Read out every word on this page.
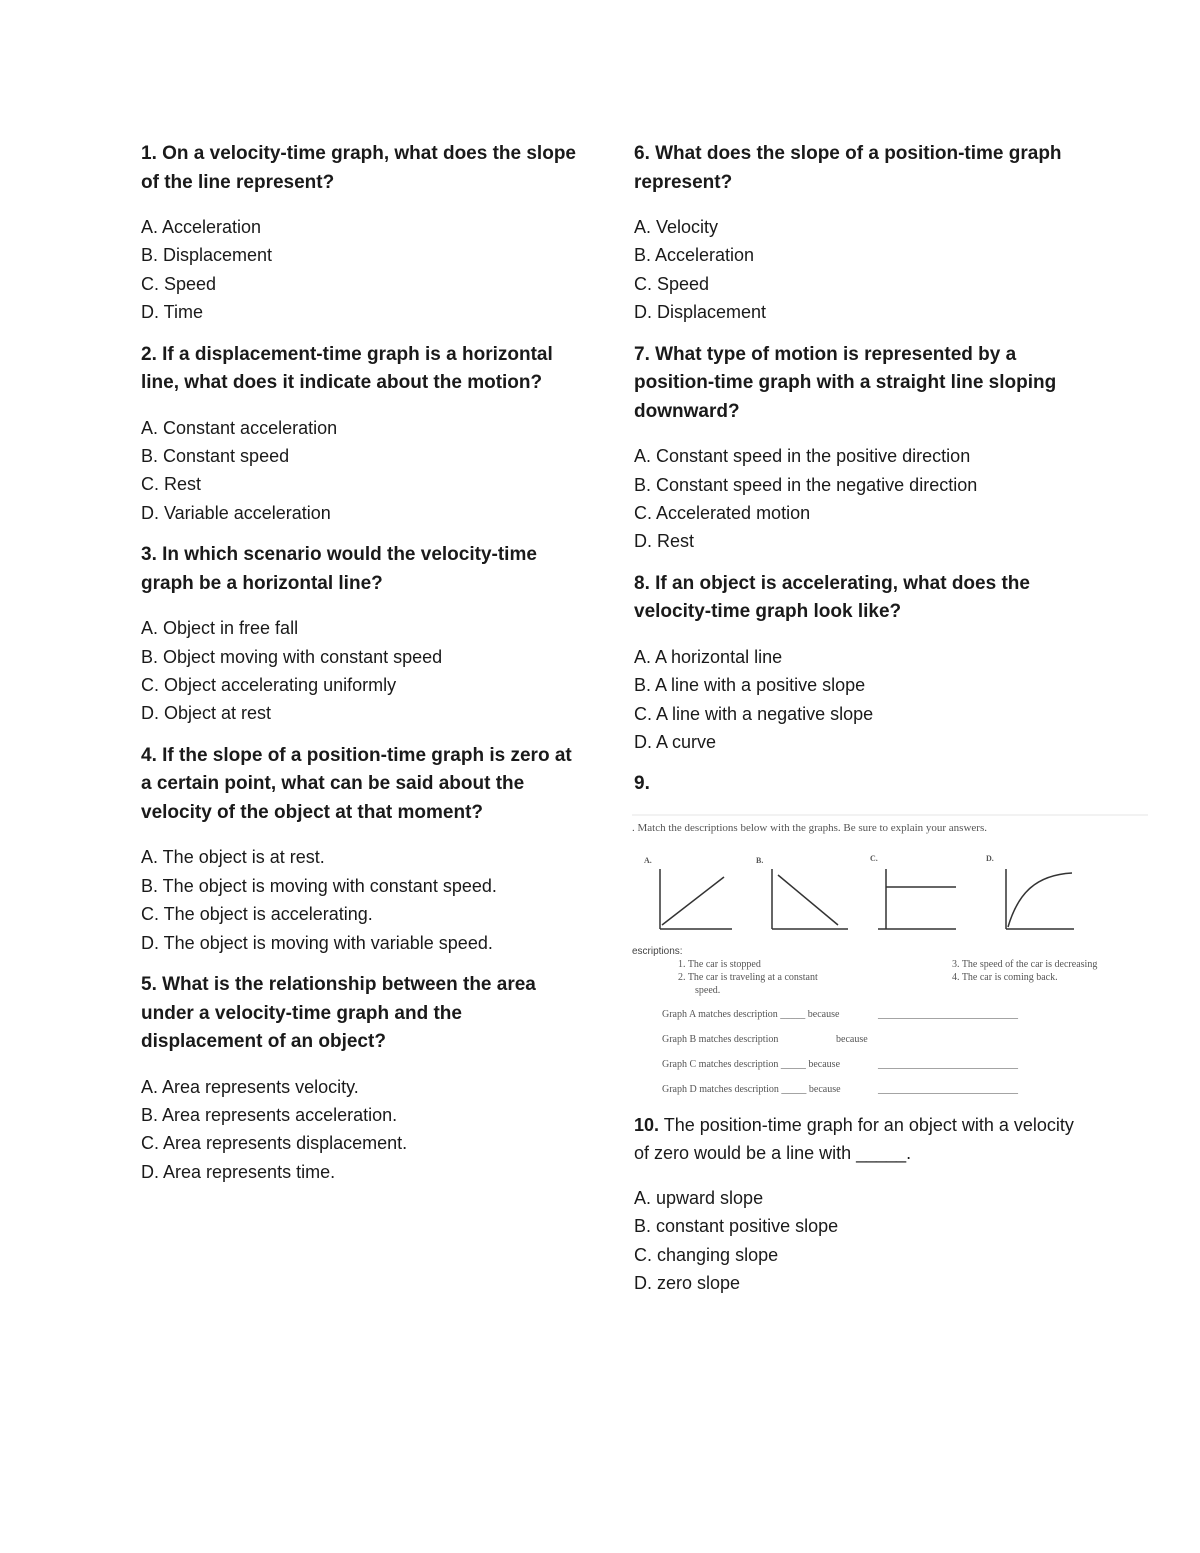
1. On a velocity-time graph, what does the slope of the line represent?

A. Acceleration
B. Displacement
C. Speed
D. Time

2. If a displacement-time graph is a horizontal line, what does it indicate about the motion?

A. Constant acceleration
B. Constant speed
C. Rest
D. Variable acceleration

3. In which scenario would the velocity-time graph be a horizontal line?

A. Object in free fall
B. Object moving with constant speed
C. Object accelerating uniformly
D. Object at rest

4. If the slope of a position-time graph is zero at a certain point, what can be said about the velocity of the object at that moment?

A. The object is at rest.
B. The object is moving with constant speed.
C. The object is accelerating.
D. The object is moving with variable speed.

5. What is the relationship between the area under a velocity-time graph and the displacement of an object?

A. Area represents velocity.
B. Area represents acceleration.
C. Area represents displacement.
D. Area represents time.

6. What does the slope of a position-time graph represent?

A. Velocity
B. Acceleration
C. Speed
D. Displacement

7. What type of motion is represented by a position-time graph with a straight line sloping downward?

A. Constant speed in the positive direction
B. Constant speed in the negative direction
C. Accelerated motion
D. Rest

8. If an object is accelerating, what does the velocity-time graph look like?

A. A horizontal line
B. A line with a positive slope
C. A line with a negative slope
D. A curve

9.

. Match the descriptions below with the graphs. Be sure to explain your answers.
A.	B.	C.	D.
escriptions:
1. The car is stopped
2. The car is traveling at a constant
speed.
3. The speed of the car is decreasing
4. The car is coming back.
Graph A matches description _____ because	____________________________
Graph B matches description	because
Graph C matches description _____ because	____________________________
Graph D matches description _____ because	____________________________

10. The position-time graph for an object with a velocity of zero would be a line with _____.

A. upward slope
B. constant positive slope
C. changing slope
D. zero slope
